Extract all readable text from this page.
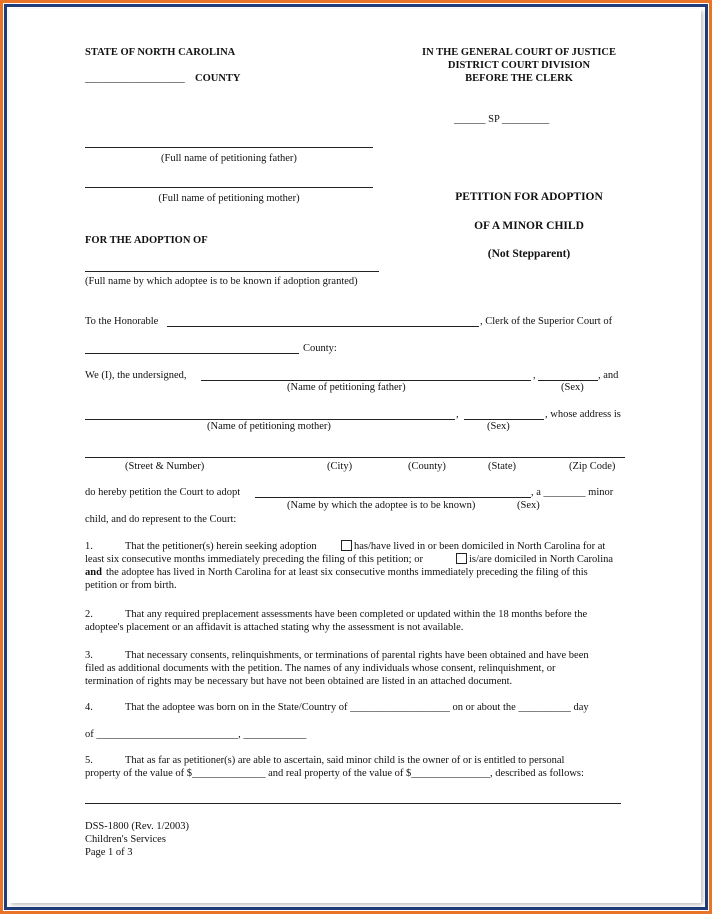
STATE OF NORTH CAROLINA
___________________ COUNTY
IN THE GENERAL COURT OF JUSTICE
DISTRICT COURT DIVISION
BEFORE THE CLERK
______ SP _________
(Full name of petitioning father)
(Full name of petitioning mother)
FOR THE ADOPTION OF
(Full name by which adoptee is to be known if adoption granted)
PETITION FOR ADOPTION
OF A MINOR CHILD
(Not Stepparent)
To the Honorable	, Clerk of the Superior Court of
County:
We (I), the undersigned,	,	, and
(Name of petitioning father)	(Sex)
,	, whose address is
(Name of petitioning mother)	(Sex)
(Street & Number)	(City)	(County)	(State)	(Zip Code)
do hereby petition the Court to adopt	, a ________ minor
(Name by which the adoptee is to be known)	(Sex)
child, and do represent to the Court:
1.	That the petitioner(s) herein seeking adoption	has/have lived in or been domiciled in North Carolina for at
least six consecutive months immediately preceding the filing of this petition; or	is/are domiciled in North Carolina
and the adoptee has lived in North Carolina for at least six consecutive months immediately preceding the filing of this
petition or from birth.
2.	That any required preplacement assessments have been completed or updated within the 18 months before the
adoptee's placement or an affidavit is attached stating why the assessment is not available.
3.	That necessary consents, relinquishments, or terminations of parental rights have been obtained and have been
filed as additional documents with the petition. The names of any individuals whose consent, relinquishment, or
termination of rights may be necessary but have not been obtained are listed in an attached document.
4.	That the adoptee was born on in the State/Country of ___________________ on or about the __________ day
of ___________________________, ____________
5.	That as far as petitioner(s) are able to ascertain, said minor child is the owner of or is entitled to personal
property of the value of $______________ and real property of the value of $_______________, described as follows:
DSS-1800 (Rev. 1/2003)
Children's Services
Page 1 of 3
